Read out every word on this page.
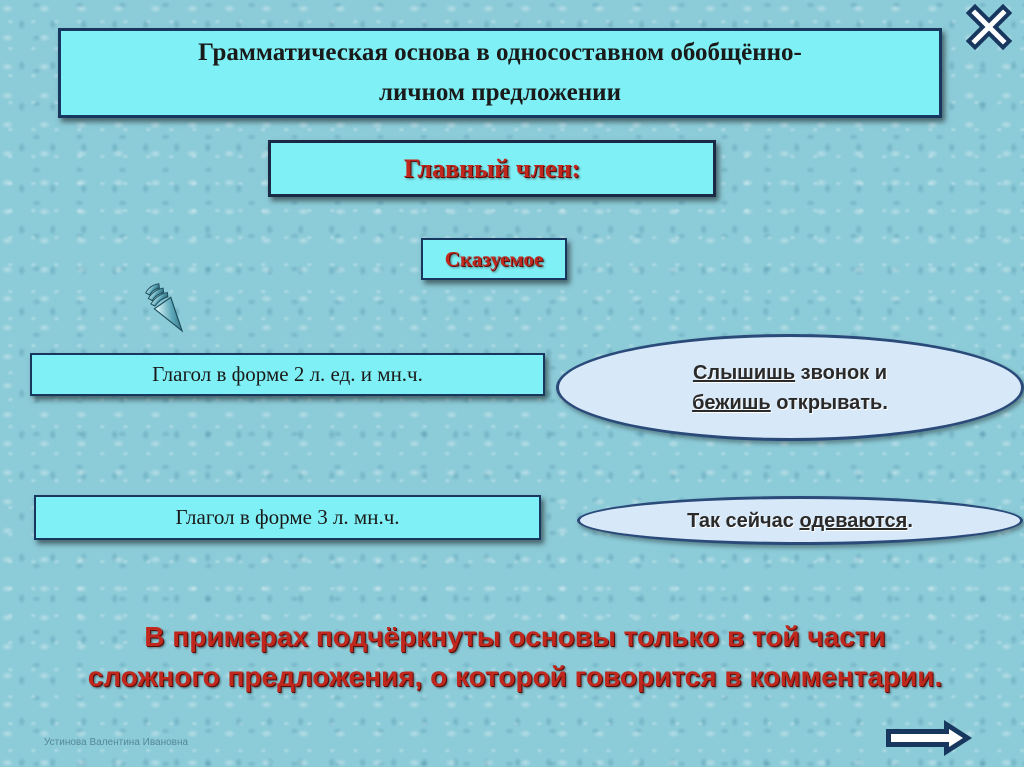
Грамматическая основа в односоставном обобщённо-
личном предложении
Главный член:
Сказуемое
Глагол в форме 2 л. ед. и мн.ч.	Слышишь звонок и
бежишь открывать.
Глагол в форме 3 л. мн.ч.	Так сейчас одеваются.
В примерах подчёркнуты основы только в той части
сложного предложения, о которой говорится в комментарии.
Устинова Валентина Ивановна
